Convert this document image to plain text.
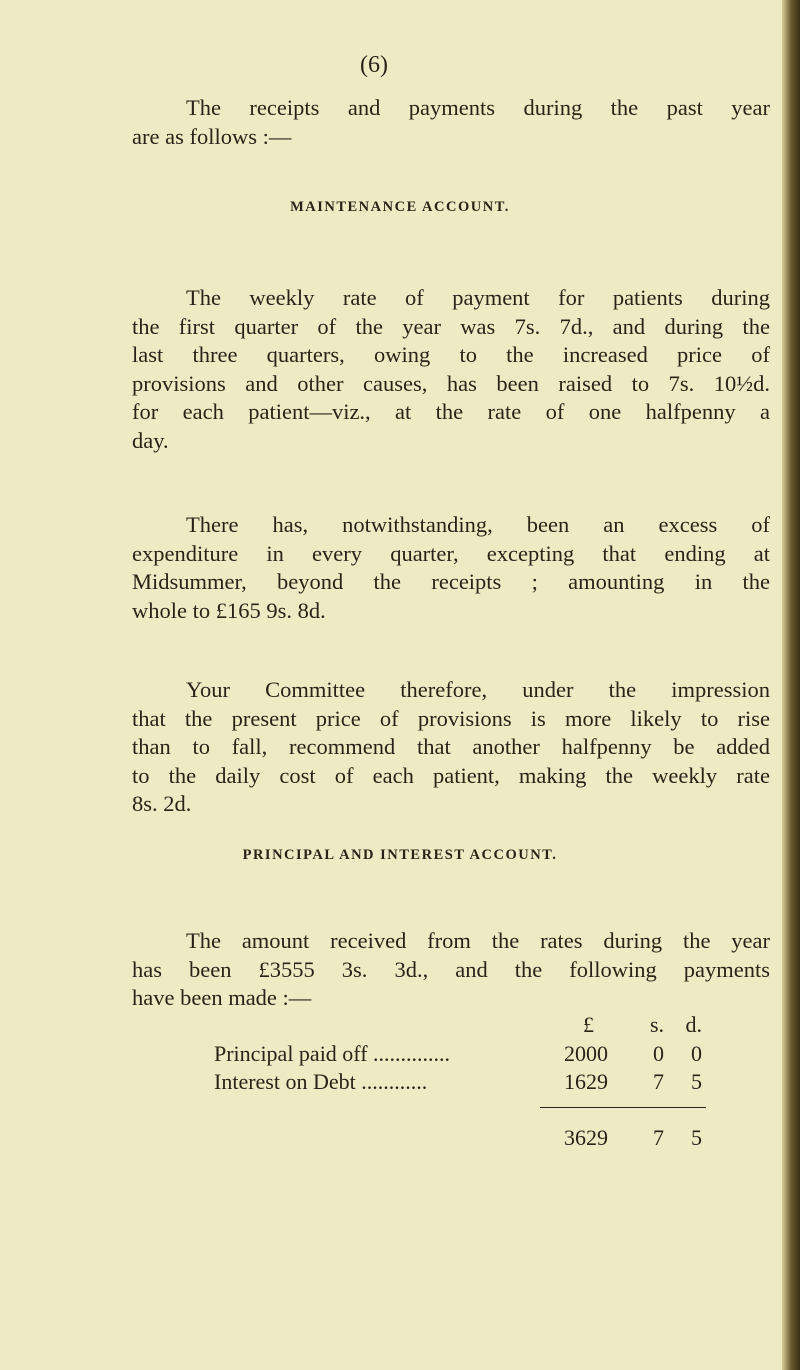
(6)
The receipts and payments during the past year
are as follows :—
MAINTENANCE ACCOUNT.
The weekly rate of payment for patients during
the first quarter of the year was 7s. 7d., and during the
last three quarters, owing to the increased price of
provisions and other causes, has been raised to 7s. 10½d.
for each patient—viz., at the rate of one halfpenny a
day.
There has, notwithstanding, been an excess of
expenditure in every quarter, excepting that ending at
Midsummer, beyond the receipts ; amounting in the
whole to £165 9s. 8d.
Your Committee therefore, under the impression
that the present price of provisions is more likely to rise
than to fall, recommend that another halfpenny be added
to the daily cost of each patient, making the weekly rate
8s. 2d.
PRINCIPAL AND INTEREST ACCOUNT.
The amount received from the rates during the year
has been £3555 3s. 3d., and the following payments
have been made :—
£	s. d.
Principal paid off ..............	2000	0	0
Interest on Debt ............	1629	7	5
3629	7	5
